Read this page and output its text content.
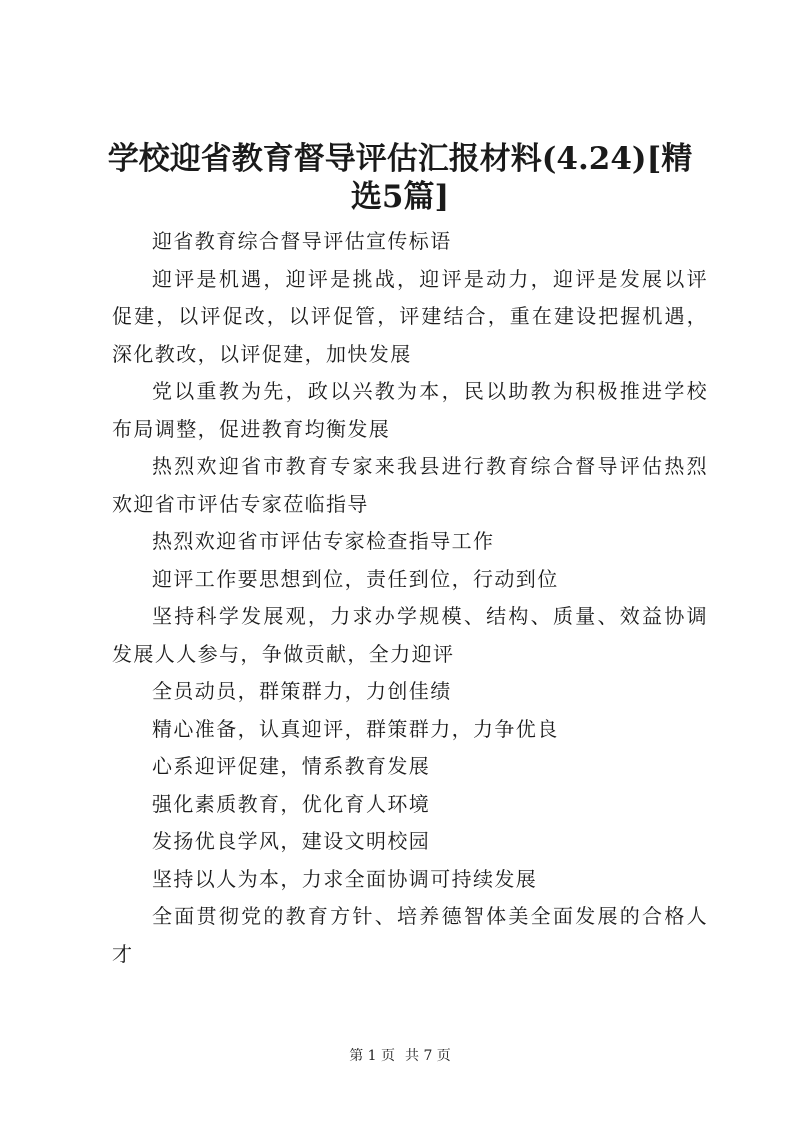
学校迎省教育督导评估汇报材料(4.24)[精选5篇]

迎省教育综合督导评估宣传标语

迎评是机遇，迎评是挑战，迎评是动力，迎评是发展以评促建，以评促改，以评促管，评建结合，重在建设把握机遇，深化教改，以评促建，加快发展

党以重教为先，政以兴教为本，民以助教为积极推进学校布局调整，促进教育均衡发展

热烈欢迎省市教育专家来我县进行教育综合督导评估热烈欢迎省市评估专家莅临指导

热烈欢迎省市评估专家检查指导工作

迎评工作要思想到位，责任到位，行动到位

坚持科学发展观，力求办学规模、结构、质量、效益协调发展人人参与，争做贡献，全力迎评

全员动员，群策群力，力创佳绩

精心准备，认真迎评，群策群力，力争优良

心系迎评促建，情系教育发展

强化素质教育，优化育人环境

发扬优良学风，建设文明校园

坚持以人为本，力求全面协调可持续发展

全面贯彻党的教育方针、培养德智体美全面发展的合格人才

第 1 页 共 7 页
